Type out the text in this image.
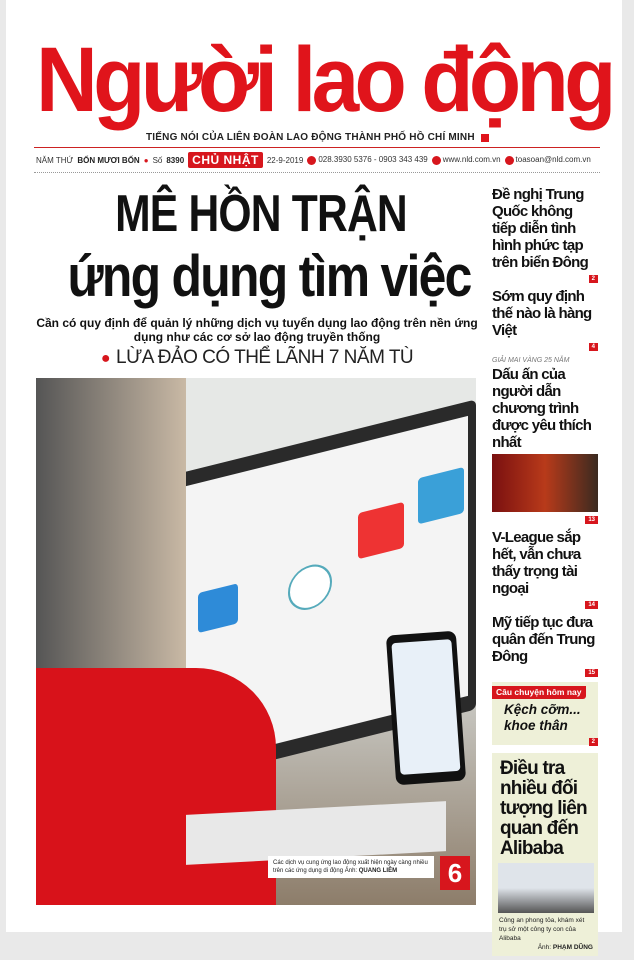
Người lao động
TIẾNG NÓI CỦA LIÊN ĐOÀN LAO ĐỘNG THÀNH PHỐ HỒ CHÍ MINH
NĂM THỨ BỐN MƯƠI BỐN ● Số 8390 CHỦ NHẬT	22-9-2019	028.3930 5376 - 0903 343 439	www.nld.com.vn	toasoan@nld.com.vn
MÊ HỒN TRẬN
ứng dụng tìm việc
Cần có quy định để quản lý những dịch vụ tuyển dụng lao động trên nền ứng dụng như các cơ sở lao động truyền thống
● LỪA ĐẢO CÓ THỂ LÃNH 7 NĂM TÙ
Các dịch vụ cung ứng lao động xuất hiện ngày càng nhiều trên các ứng dụng di động Ảnh: QUANG LIÊM	6
Đề nghị Trung Quốc không tiếp diễn tình hình phức tạp trên biển Đông
2
Sớm quy định thế nào là hàng Việt
4
GIẢI MAI VÀNG 25 NĂM
Dấu ấn của người dẫn chương trình được yêu thích nhất
13
V-League sắp hết, vẫn chưa thấy trọng tài ngoại
14
Mỹ tiếp tục đưa quân đến Trung Đông
15
Câu chuyện hôm nay
Kệch cỡm... khoe thân
2
Điều tra nhiều đối tượng liên quan đến Alibaba
Công an phong tỏa, khám xét trụ sở một công ty con của Alibaba
Ảnh: PHẠM DŨNG
